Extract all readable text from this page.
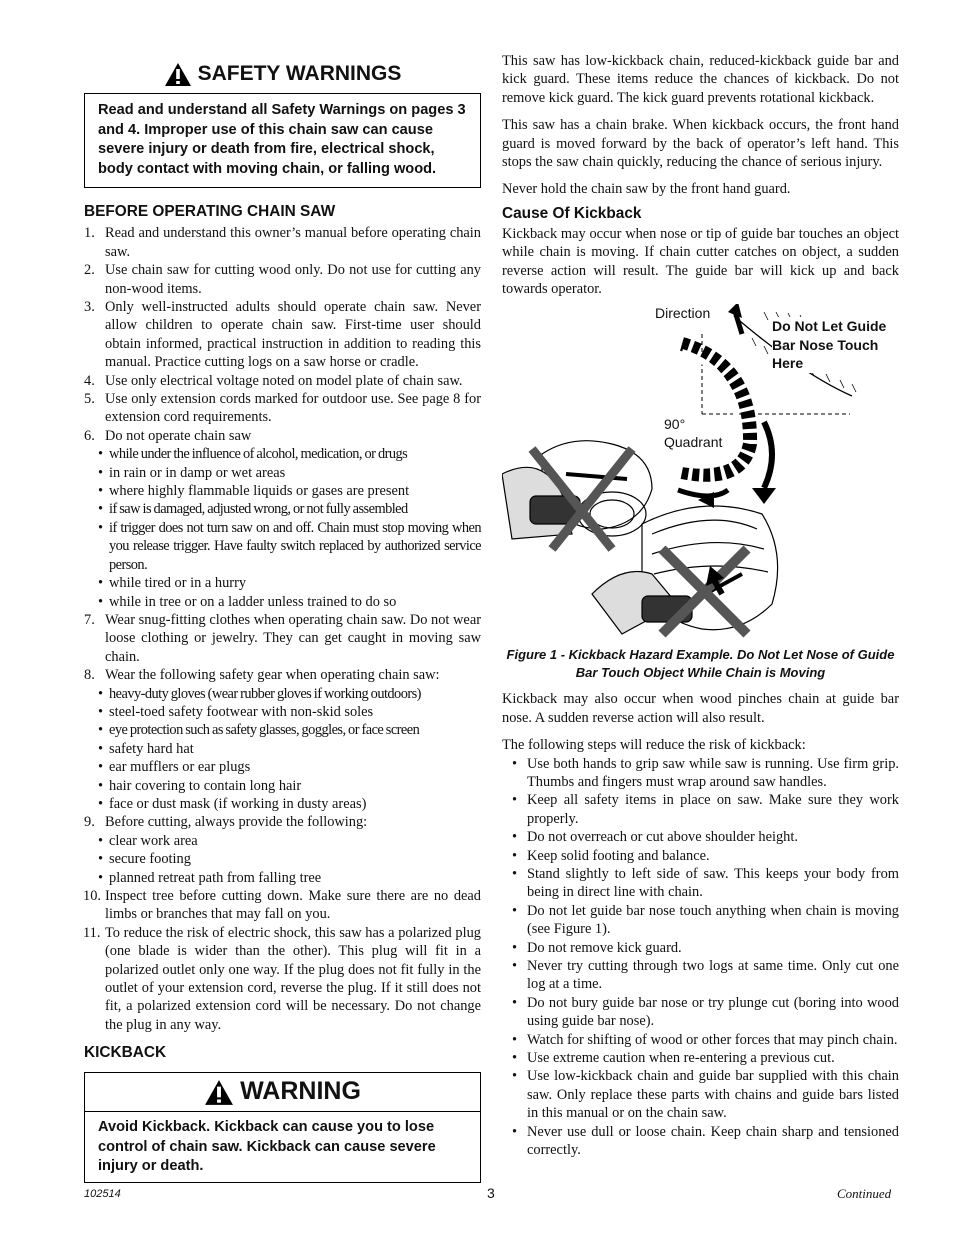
SAFETY WARNINGS
Read and understand all Safety Warnings on pages 3 and 4. Improper use of this chain saw can cause severe injury or death from fire, electrical shock, body contact with moving chain, or falling wood.
BEFORE OPERATING CHAIN SAW
1. Read and understand this owner’s manual before operating chain saw.
2. Use chain saw for cutting wood only. Do not use for cutting any non-wood items.
3. Only well-instructed adults should operate chain saw. Never allow children to operate chain saw. First-time user should obtain informed, practical instruction in addition to reading this manual. Practice cutting logs on a saw horse or cradle.
4. Use only electrical voltage noted on model plate of chain saw.
5. Use only extension cords marked for outdoor use. See page 8 for extension cord requirements.
6. Do not operate chain saw
• while under the influence of alcohol, medication, or drugs
• in rain or in damp or wet areas
• where highly flammable liquids or gases are present
• if saw is damaged, adjusted wrong, or not fully assembled
• if trigger does not turn saw on and off. Chain must stop moving when you release trigger. Have faulty switch replaced by authorized service person.
• while tired or in a hurry
• while in tree or on a ladder unless trained to do so
7. Wear snug-fitting clothes when operating chain saw. Do not wear loose clothing or jewelry. They can get caught in moving saw chain.
8. Wear the following safety gear when operating chain saw:
• heavy-duty gloves (wear rubber gloves if working outdoors)
• steel-toed safety footwear with non-skid soles
• eye protection such as safety glasses, goggles, or face screen
• safety hard hat
• ear mufflers or ear plugs
• hair covering to contain long hair
• face or dust mask (if working in dusty areas)
9. Before cutting, always provide the following:
• clear work area
• secure footing
• planned retreat path from falling tree
10. Inspect tree before cutting down. Make sure there are no dead limbs or branches that may fall on you.
11. To reduce the risk of electric shock, this saw has a polarized plug (one blade is wider than the other). This plug will fit in a polarized outlet only one way. If the plug does not fit fully in the outlet of your extension cord, reverse the plug. If it still does not fit, a polarized extension cord will be necessary. Do not change the plug in any way.
KICKBACK
WARNING
Avoid Kickback. Kickback can cause you to lose control of chain saw. Kickback can cause severe injury or death.

This saw has low-kickback chain, reduced-kickback guide bar and kick guard. These items reduce the chances of kickback. Do not remove kick guard. The kick guard prevents rotational kickback.

This saw has a chain brake. When kickback occurs, the front hand guard is moved forward by the back of operator’s left hand. This stops the saw chain quickly, reducing the chance of serious injury.

Never hold the chain saw by the front hand guard.

Cause Of Kickback

Kickback may occur when nose or tip of guide bar touches an object while chain is moving. If chain cutter catches on object, a sudden reverse action will result. The guide bar will kick up and back towards operator.

Direction
Do Not Let Guide Bar Nose Touch Here
90°
Quadrant

Figure 1 - Kickback Hazard Example. Do Not Let Nose of Guide Bar Touch Object While Chain is Moving

Kickback may also occur when wood pinches chain at guide bar nose. A sudden reverse action will also result.

The following steps will reduce the risk of kickback:

• Use both hands to grip saw while saw is running. Use firm grip. Thumbs and fingers must wrap around saw handles.
• Keep all safety items in place on saw. Make sure they work properly.
• Do not overreach or cut above shoulder height.
• Keep solid footing and balance.
• Stand slightly to left side of saw. This keeps your body from being in direct line with chain.
• Do not let guide bar nose touch anything when chain is moving (see Figure 1).
• Do not remove kick guard.
• Never try cutting through two logs at same time. Only cut one log at a time.
• Do not bury guide bar nose or try plunge cut (boring into wood using guide bar nose).
• Watch for shifting of wood or other forces that may pinch chain.
• Use extreme caution when re-entering a previous cut.
• Use low-kickback chain and guide bar supplied with this chain saw. Only replace these parts with chains and guide bars listed in this manual or on the chain saw.
• Never use dull or loose chain. Keep chain sharp and tensioned correctly.
102514	3	Continued
